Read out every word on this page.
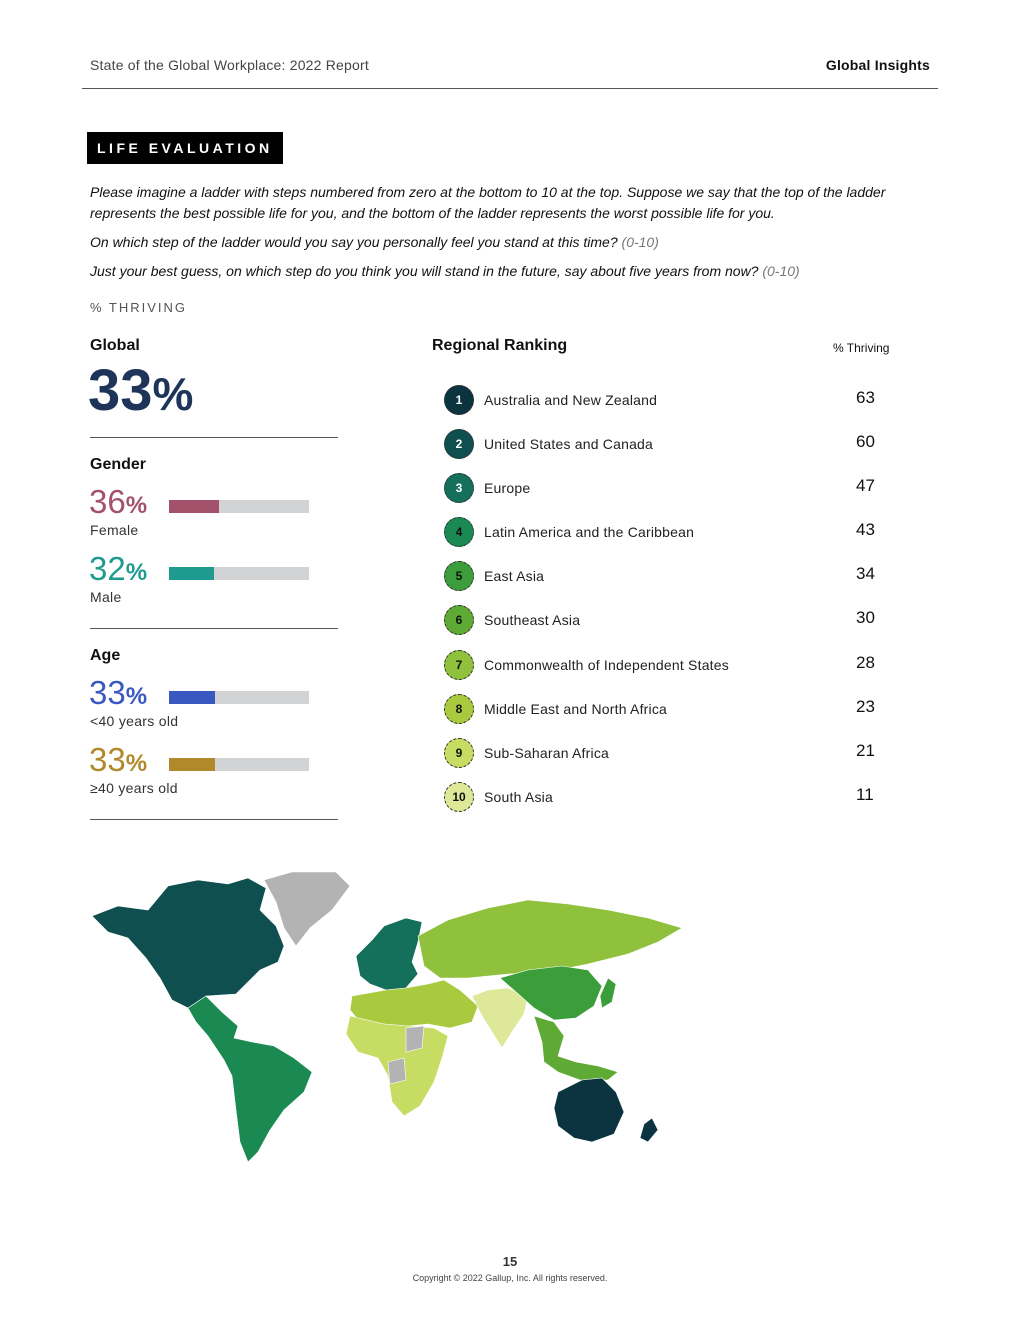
State of the Global Workplace: 2022 Report	Global Insights
LIFE EVALUATION
Please imagine a ladder with steps numbered from zero at the bottom to 10 at the top. Suppose we say that the top of the ladder represents the best possible life for you, and the bottom of the ladder represents the worst possible life for you.
On which step of the ladder would you say you personally feel you stand at this time? (0-10)
Just your best guess, on which step do you think you will stand in the future, say about five years from now? (0-10)
% THRIVING
Global
33%
Gender
36%
Female
32%
Male
Age
33%
<40 years old
33%
≥40 years old
Regional Ranking	% Thriving
1	Australia and New Zealand	63
2	United States and Canada	60
3	Europe	47
4	Latin America and the Caribbean	43
5	East Asia	34
6	Southeast Asia	30
7	Commonwealth of Independent States	28
8	Middle East and North Africa	23
9	Sub-Saharan Africa	21
10	South Asia	11
15
Copyright © 2022 Gallup, Inc. All rights reserved.
